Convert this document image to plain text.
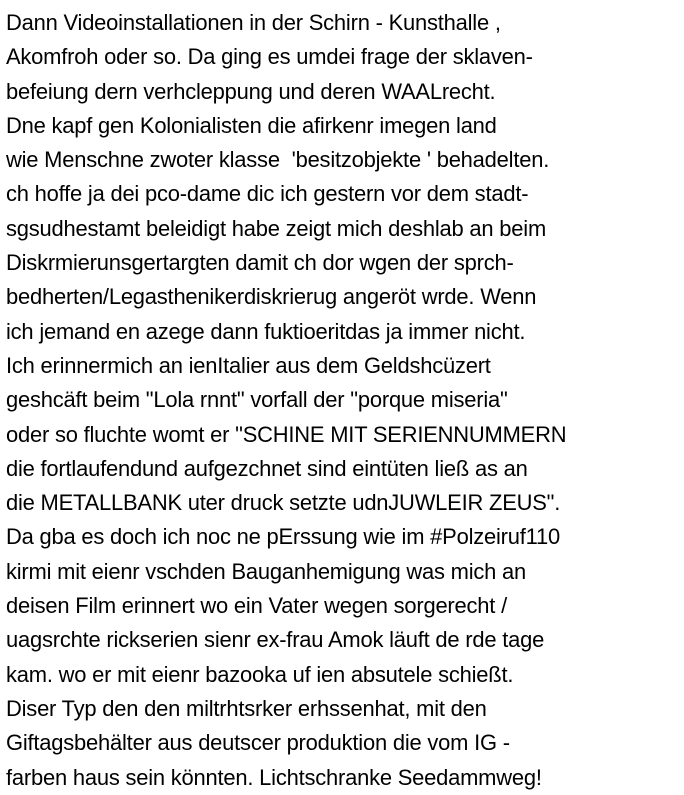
Dann Videoinstallationen in der Schirn - Kunsthalle ,
Akomfroh oder so. Da ging es umdei frage der sklaven-
befeiung dern verhcleppung und deren WAALrecht.
Dne kapf gen Kolonialisten die afirkenr imegen land
wie Menschne zwoter klasse  'besitzobjekte ' behadelten.
ch hoffe ja dei pco-dame dic ich gestern vor dem stadt-
sgsudhestamt beleidigt habe zeigt mich deshlab an beim
Diskrmierunsgertargten damit ch dor wgen der sprch-
bedherten/Legasthenikerdiskrierug angeröt wrde. Wenn
ich jemand en azege dann fuktioeritdas ja immer nicht.
Ich erinnermich an ienItalier aus dem Geldshcüzert
geshcäft beim "Lola rnnt" vorfall der "porque miseria"
oder so fluchte womt er "SCHINE MIT SERIENNUMMERN
die fortlaufendund aufgezchnet sind eintüten ließ as an
die METALLBANK uter druck setzte udnJUWLEIR ZEUS".
Da gba es doch ich noc ne pErssung wie im #Polzeiruf110
kirmi mit eienr vschden Bauganhemigung was mich an
deisen Film erinnert wo ein Vater wegen sorgerecht /
uagsrchte rickserien sienr ex-frau Amok läuft de rde tage
kam. wo er mit eienr bazooka uf ien absutele schießt.
Diser Typ den den miltrhtsrker erhssenhat, mit den
Giftagsbehälter aus deutscer produktion die vom IG -
farben haus sein könnten. Lichtschranke Seedammweg!
